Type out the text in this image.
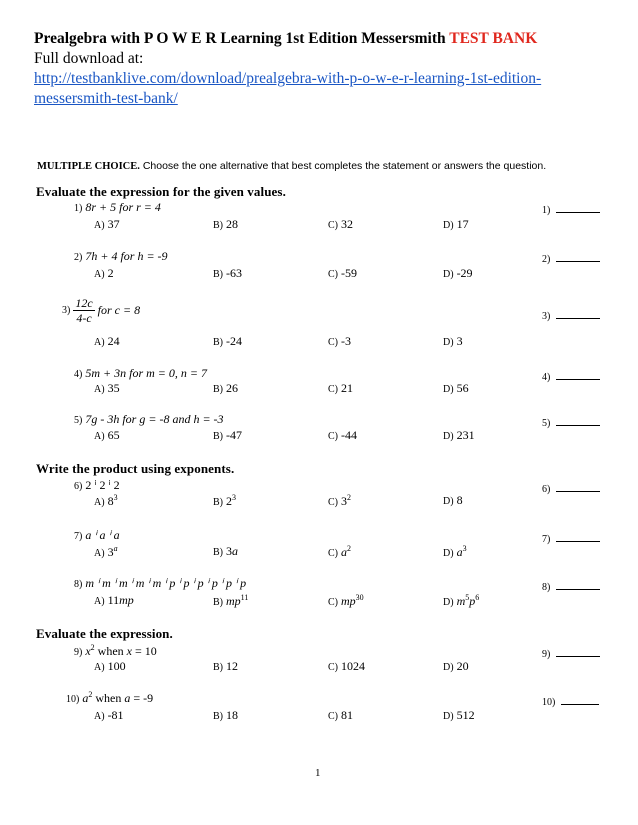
Prealgebra with P O W E R Learning 1st Edition Messersmith TEST BANK
Full download at:
http://testbanklive.com/download/prealgebra-with-p-o-w-e-r-learning-1st-edition-
messersmith-test-bank/
MULTIPLE CHOICE. Choose the one alternative that best completes the statement or answers the question.
Evaluate the expression for the given values.
1) 8r + 5 for r = 4	1)
A) 37	B) 28	C) 32	D) 17
2) 7h + 4 for h = -9	2)
A) 2	B) -63	C) -59	D) -29
$3) \frac{12c}{4-c}$ for c = 8	3)
A) 24	B) -24	C) -3	D) 3
4) 5m + 3n for m = 0, n = 7	4)
A) 35	B) 26	C) 21	D) 56
5) 7g - 3h for g = -8 and h = -3	5)
A) 65	B) -47	C) -44	D) 231
Write the product using exponents.
6) 2 ⁱ 2 ⁱ 2	6)
A) $8^3$	B) $2^3$	C) $3^2$	D) 8
7) a ⁱ a ⁱ a	7)
A) 3$^a$	B) 3a	C) $a^2$	D) $a^3$
8) m ⁱ m ⁱ m ⁱ m ⁱ m ⁱ p ⁱ p ⁱ p ⁱ p ⁱ p ⁱ p	8)
A) 11mp	B) $mp^{11}$	C) $mp^{30}$	D) $m^5p^6$
Evaluate the expression.
9) $x^2$ when x = 10	9)
A) 100	B) 12	C) 1024	D) 20
10) $a^2$ when a = -9	10)
A) -81	B) 18	C) 81	D) 512
1
